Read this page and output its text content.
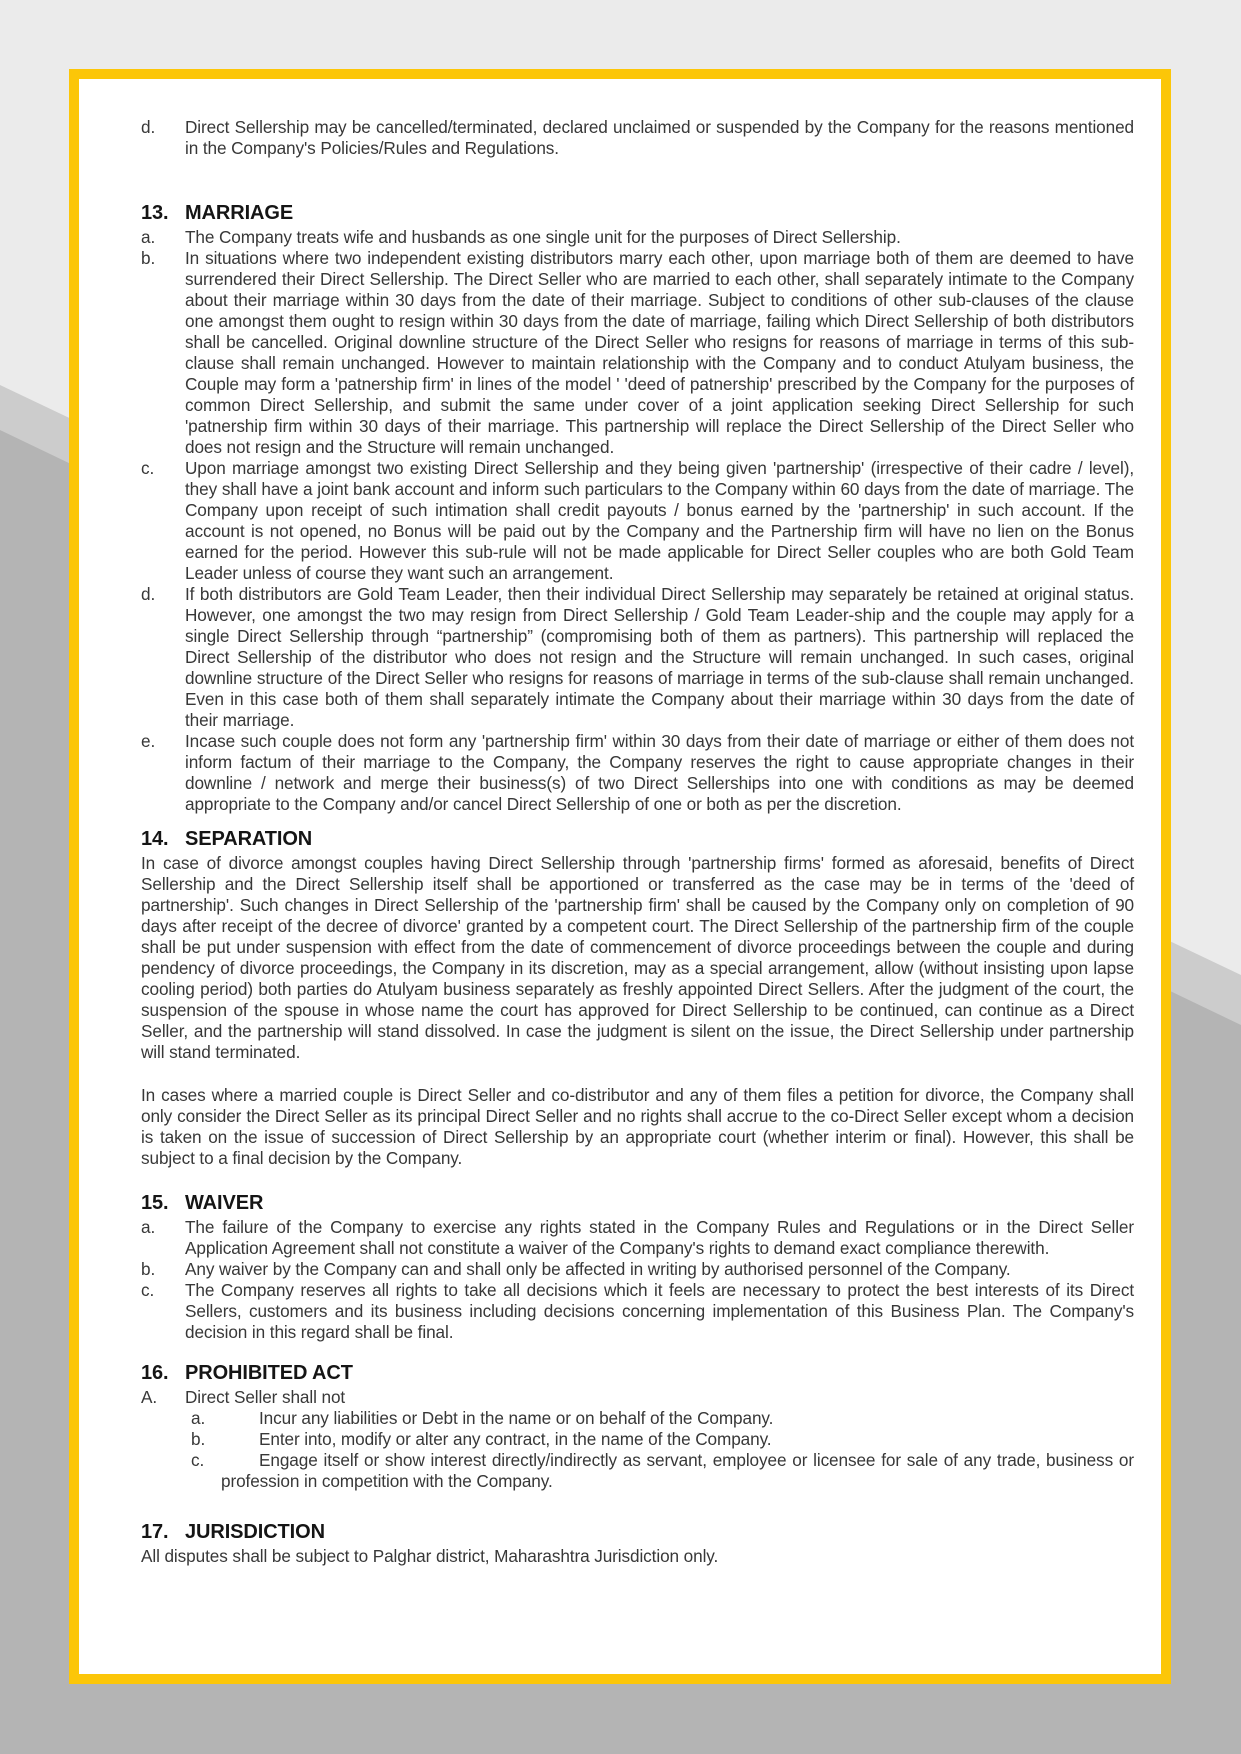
d.	Direct Sellership may be cancelled/terminated, declared unclaimed or suspended by the Company for the reasons mentioned in the Company's Policies/Rules and Regulations.
13. MARRIAGE
a.	The Company treats wife and husbands as one single unit for the purposes of Direct Sellership.
b.	In situations where two independent existing distributors marry each other, upon marriage both of them are deemed to have surrendered their Direct Sellership. The Direct Seller who are married to each other, shall separately intimate to the Company about their marriage within 30 days from the date of their marriage. Subject to conditions of other sub-clauses of the clause one amongst them ought to resign within 30 days from the date of marriage, failing which Direct Sellership of both distributors shall be cancelled. Original downline structure of the Direct Seller who resigns for reasons of marriage in terms of this sub-clause shall remain unchanged. However to maintain relationship with the Company and to conduct Atulyam business, the Couple may form a 'patnership firm' in lines of the model ' 'deed of patnership' prescribed by the Company for the purposes of common Direct Sellership, and submit the same under cover of a joint application seeking Direct Sellership for such 'patnership firm within 30 days of their marriage. This partnership will replace the Direct Sellership of the Direct Seller who does not resign and the Structure will remain unchanged.
c.	Upon marriage amongst two existing Direct Sellership and they being given 'partnership' (irrespective of their cadre / level), they shall have a joint bank account and inform such particulars to the Company within 60 days from the date of marriage. The Company upon receipt of such intimation shall credit payouts / bonus earned by the 'partnership' in such account. If the account is not opened, no Bonus will be paid out by the Company and the Partnership firm will have no lien on the Bonus earned for the period. However this sub-rule will not be made applicable for Direct Seller couples who are both Gold Team Leader unless of course they want such an arrangement.
d.	If both distributors are Gold Team Leader, then their individual Direct Sellership may separately be retained at original status. However, one amongst the two may resign from Direct Sellership / Gold Team Leader-ship and the couple may apply for a single Direct Sellership through “partnership” (compromising both of them as partners). This partnership will replaced the Direct Sellership of the distributor who does not resign and the Structure will remain unchanged. In such cases, original downline structure of the Direct Seller who resigns for reasons of marriage in terms of the sub-clause shall remain unchanged. Even in this case both of them shall separately intimate the Company about their marriage within 30 days from the date of their marriage.
e.	Incase such couple does not form any 'partnership firm' within 30 days from their date of marriage or either of them does not inform factum of their marriage to the Company, the Company reserves the right to cause appropriate changes in their downline / network and merge their business(s) of two Direct Sellerships into one with conditions as may be deemed appropriate to the Company and/or cancel Direct Sellership of one or both as per the discretion.
14. SEPARATION

In case of divorce amongst couples having Direct Sellership through 'partnership firms' formed as aforesaid, benefits of Direct Sellership and the Direct Sellership itself shall be apportioned or transferred as the case may be in terms of the 'deed of partnership'. Such changes in Direct Sellership of the 'partnership firm' shall be caused by the Company only on completion of 90 days after receipt of the decree of divorce' granted by a competent court. The Direct Sellership of the partnership firm of the couple shall be put under suspension with effect from the date of commencement of divorce proceedings between the couple and during pendency of divorce proceedings, the Company in its discretion, may as a special arrangement, allow (without insisting upon lapse cooling period) both parties do Atulyam business separately as freshly appointed Direct Sellers. After the judgment of the court, the suspension of the spouse in whose name the court has approved for Direct Sellership to be continued, can continue as a Direct Seller, and the partnership will stand dissolved. In case the judgment is silent on the issue, the Direct Sellership under partnership will stand terminated.

In cases where a married couple is Direct Seller and co-distributor and any of them files a petition for divorce, the Company shall only consider the Direct Seller as its principal Direct Seller and no rights shall accrue to the co-Direct Seller except whom a decision is taken on the issue of succession of Direct Sellership by an appropriate court (whether interim or final). However, this shall be subject to a final decision by the Company.

15. WAIVER
a.	The failure of the Company to exercise any rights stated in the Company Rules and Regulations or in the Direct Seller Application Agreement shall not constitute a waiver of the Company's rights to demand exact compliance therewith.
b.	Any waiver by the Company can and shall only be affected in writing by authorised personnel of the Company.
c.	The Company reserves all rights to take all decisions which it feels are necessary to protect the best interests of its Direct Sellers, customers and its business including decisions concerning implementation of this Business Plan. The Company's decision in this regard shall be final.
16. PROHIBITED ACT
A.	Direct Seller shall not
a.	Incur any liabilities or Debt in the name or on behalf of the Company.
b.	Enter into, modify or alter any contract, in the name of the Company.
c.	Engage itself or show interest directly/indirectly as servant, employee or licensee for sale of any trade, business or profession in competition with the Company.
17. JURISDICTION

All disputes shall be subject to Palghar district, Maharashtra Jurisdiction only.
